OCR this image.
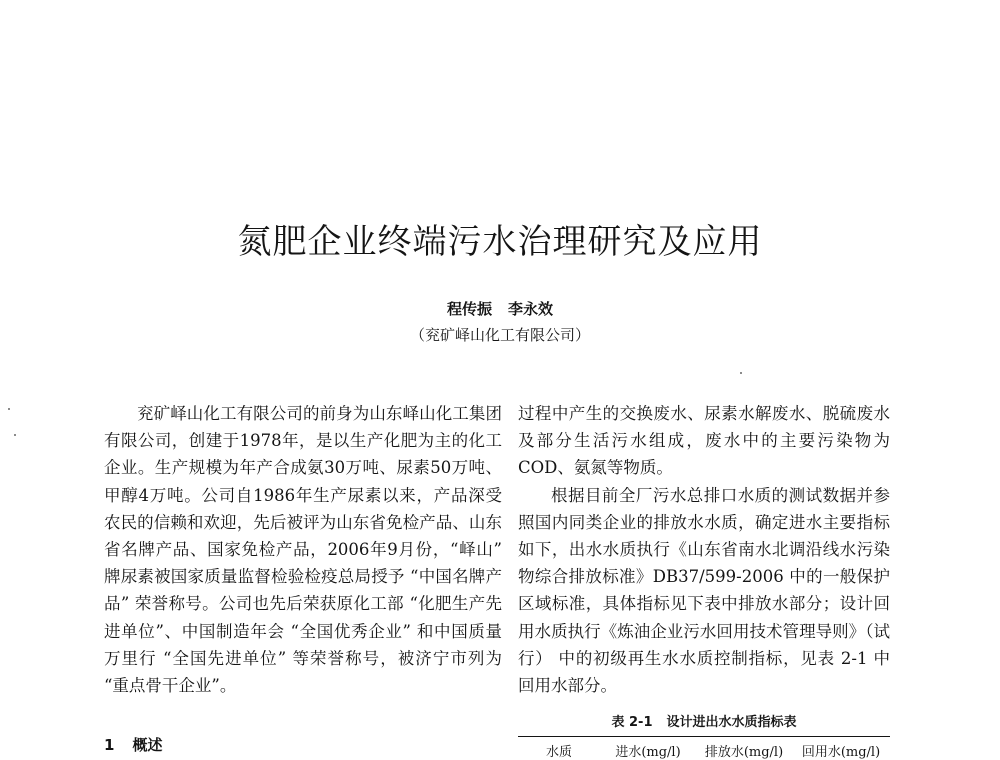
氮肥企业终端污水治理研究及应用
程传振 李永效
（兖矿峄山化工有限公司）

兖矿峄山化工有限公司的前身为山东峄山化工集团有限公司，创建于1978年，是以生产化肥为主的化工企业。生产规模为年产合成氨30万吨、尿素50万吨、甲醇4万吨。公司自1986年生产尿素以来，产品深受农民的信赖和欢迎，先后被评为山东省免检产品、山东省名牌产品、国家免检产品，2006年9月份，“峄山” 牌尿素被国家质量监督检验检疫总局授予 “中国名牌产品” 荣誉称号。公司也先后荣获原化工部 “化肥生产先进单位”、中国制造年会 “全国优秀企业” 和中国质量万里行 “全国先进单位” 等荣誉称号，被济宁市列为 “重点骨干企业”。

1 概述

过程中产生的交换废水、尿素水解废水、脱硫废水及部分生活污水组成，废水中的主要污染物为COD、氨氮等物质。

根据目前全厂污水总排口水质的测试数据并参照国内同类企业的排放水水质，确定进水主要指标如下，出水水质执行《山东省南水北调沿线水污染物综合排放标准》DB37/599-2006 中的一般保护区域标准，具体指标见下表中排放水部分；设计回用水质执行《炼油企业污水回用技术管理导则》（试行） 中的初级再生水水质控制指标，见表 2-1 中回用水部分。

表 2-1 设计进出水水质指标表
水质	进水(mg/l)	排放水(mg/l)	回用水(mg/l)
